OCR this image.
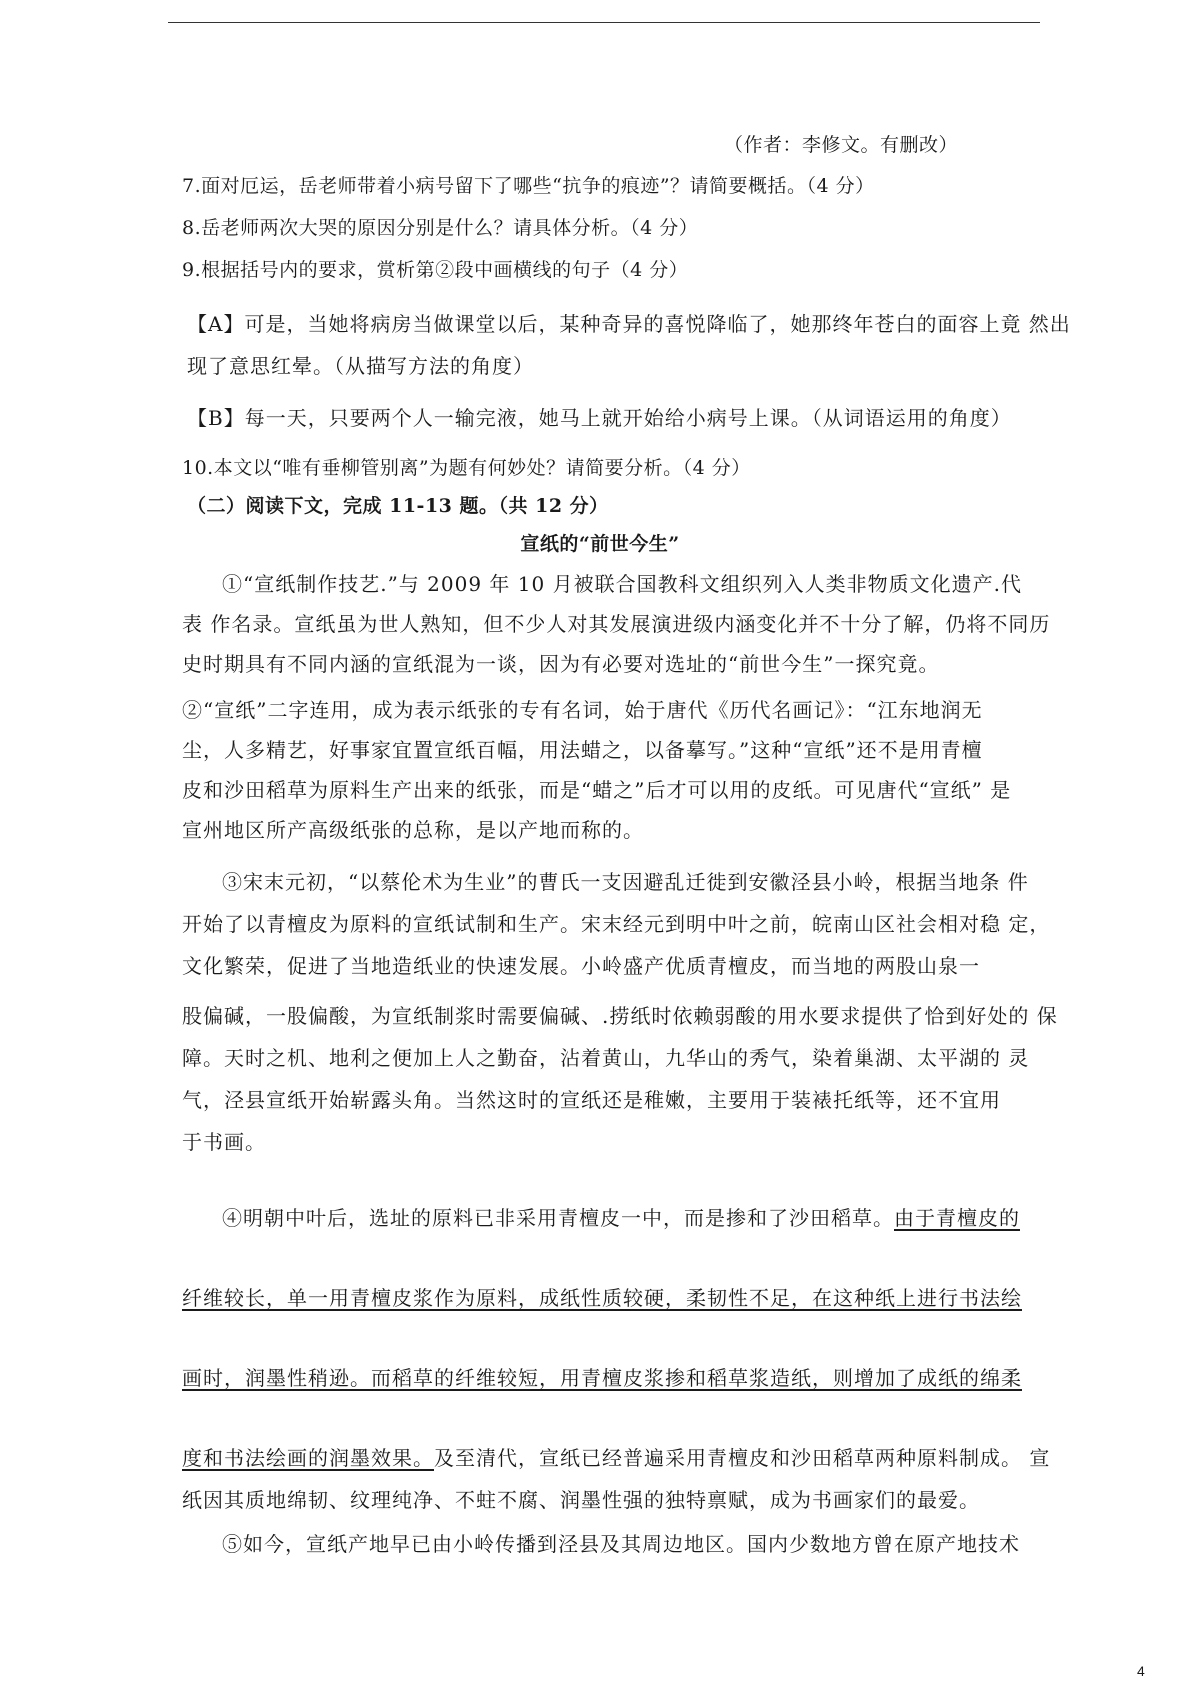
（作者：李修文。有删改）
7.面对厄运，岳老师带着小病号留下了哪些“抗争的痕迹”？请简要概括。（4 分）
8.岳老师两次大哭的原因分别是什么？请具体分析。（4 分）
9.根据括号内的要求，赏析第②段中画横线的句子（4 分）
【A】可是，当她将病房当做课堂以后，某种奇异的喜悦降临了，她那终年苍白的面容上竟 然出
现了意思红晕。（从描写方法的角度）
【B】每一天，只要两个人一输完液，她马上就开始给小病号上课。（从词语运用的角度）
10.本文以“唯有垂柳管别离”为题有何妙处？请简要分析。（4 分）
（二）阅读下文，完成 11-13 题。（共 12 分）
宣纸的“前世今生”
①“宣纸制作技艺.”与 2009 年 10 月被联合国教科文组织列入人类非物质文化遗产.代
表 作名录。宣纸虽为世人熟知，但不少人对其发展演进级内涵变化并不十分了解，仍将不同历
史时期具有不同内涵的宣纸混为一谈，因为有必要对选址的“前世今生”一探究竟。
②“宣纸”二字连用，成为表示纸张的专有名词，始于唐代《历代名画记》：“江东地润无
尘，人多精艺，好事家宜置宣纸百幅，用法蜡之，以备摹写。”这种“宣纸”还不是用青檀
皮和沙田稻草为原料生产出来的纸张，而是“蜡之”后才可以用的皮纸。可见唐代“宣纸” 是
宣州地区所产高级纸张的总称，是以产地而称的。
③宋末元初，“以蔡伦术为生业”的曹氏一支因避乱迁徙到安徽泾县小岭，根据当地条 件
开始了以青檀皮为原料的宣纸试制和生产。宋末经元到明中叶之前，皖南山区社会相对稳 定，
文化繁荣，促进了当地造纸业的快速发展。小岭盛产优质青檀皮，而当地的两股山泉一
股偏碱，一股偏酸，为宣纸制浆时需要偏碱、.捞纸时依赖弱酸的用水要求提供了恰到好处的 保
障。天时之机、地利之便加上人之勤奋，沾着黄山，九华山的秀气，染着巢湖、太平湖的 灵
气，泾县宣纸开始崭露头角。当然这时的宣纸还是稚嫩，主要用于装裱托纸等，还不宜用
于书画。
④明朝中叶后，选址的原料已非采用青檀皮一中，而是掺和了沙田稻草。由于青檀皮的
纤维较长，单一用青檀皮浆作为原料，成纸性质较硬，柔韧性不足，在这种纸上进行书法绘
画时，润墨性稍逊。而稻草的纤维较短，用青檀皮浆掺和稻草浆造纸，则增加了成纸的绵柔
度和书法绘画的润墨效果。及至清代，宣纸已经普遍采用青檀皮和沙田稻草两种原料制成。 宣
纸因其质地绵韧、纹理纯净、不蛀不腐、润墨性强的独特禀赋，成为书画家们的最爱。
⑤如今，宣纸产地早已由小岭传播到泾县及其周边地区。国内少数地方曾在原产地技术
4
